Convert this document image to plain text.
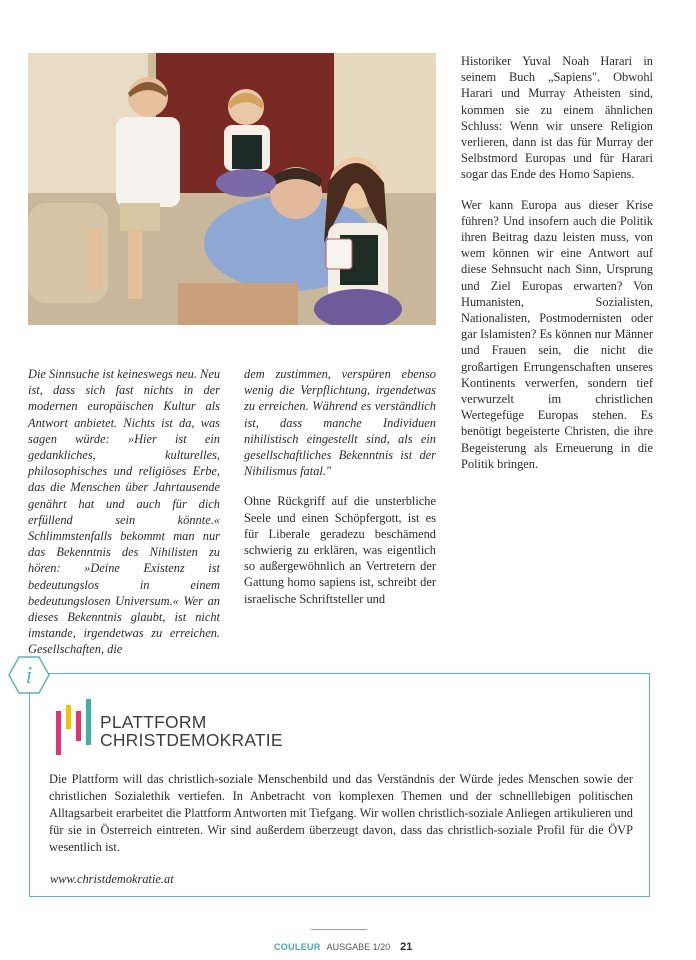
Die Sinnsuche ist keineswegs neu. Neu ist, dass sich fast nichts in der modernen europäischen Kultur als Antwort anbietet. Nichts ist da, was sagen würde: »Hier ist ein gedankliches, kulturelles, philosophisches und religiöses Erbe, das die Menschen über Jahrtausende genährt hat und auch für dich erfüllend sein könnte.« Schlimmstenfalls bekommt man nur das Bekenntnis des Nihilisten zu hören: »Deine Existenz ist bedeutungslos in einem bedeutungslosen Universum.« Wer an dieses Bekenntnis glaubt, ist nicht imstande, irgendetwas zu erreichen. Gesellschaften, die

dem zustimmen, verspüren ebenso wenig die Verpflichtung, irgendetwas zu erreichen. Während es verständlich ist, dass manche Individuen nihilistisch eingestellt sind, als ein gesellschaftliches Bekenntnis ist der Nihilismus fatal."

Ohne Rückgriff auf die unsterbliche Seele und einen Schöpfergott, ist es für Liberale geradezu beschämend schwierig zu erklären, was eigentlich so außergewöhnlich an Vertretern der Gattung homo sapiens ist, schreibt der israelische Schriftsteller und

Historiker Yuval Noah Harari in seinem Buch „Sapiens". Obwohl Harari und Murray Atheisten sind, kommen sie zu einem ähnlichen Schluss: Wenn wir unsere Religion verlieren, dann ist das für Murray der Selbstmord Europas und für Harari sogar das Ende des Homo Sapiens.

Wer kann Europa aus dieser Krise führen? Und insofern auch die Politik ihren Beitrag dazu leisten muss, von wem können wir eine Antwort auf diese Sehnsucht nach Sinn, Ursprung und Ziel Europas erwarten? Von Humanisten, Sozialisten, Nationalisten, Postmodernisten oder gar Islamisten? Es können nur Männer und Frauen sein, die nicht die großartigen Errungenschaften unseres Kontinents verwerfen, sondern tief verwurzelt im christlichen Wertegefüge Europas stehen. Es benötigt begeisterte Christen, die ihre Begeisterung als Erneuerung in die Politik bringen.

i
PLATTFORM
CHRISTDEMOKRATIE
Die Plattform will das christlich-soziale Menschenbild und das Verständnis der Würde jedes Menschen sowie der christlichen Sozialethik vertiefen. In Anbetracht von komplexen Themen und der schnelllebigen politischen Alltagsarbeit erarbeitet die Plattform Antworten mit Tiefgang. Wir wollen christlich-soziale Anliegen artikulieren und für sie in Österreich eintreten. Wir sind außerdem überzeugt davon, dass das christlich-soziale Profil für die ÖVP wesentlich ist.
www.christdemokratie.at
COULEUR AUSGABE 1/20 21
